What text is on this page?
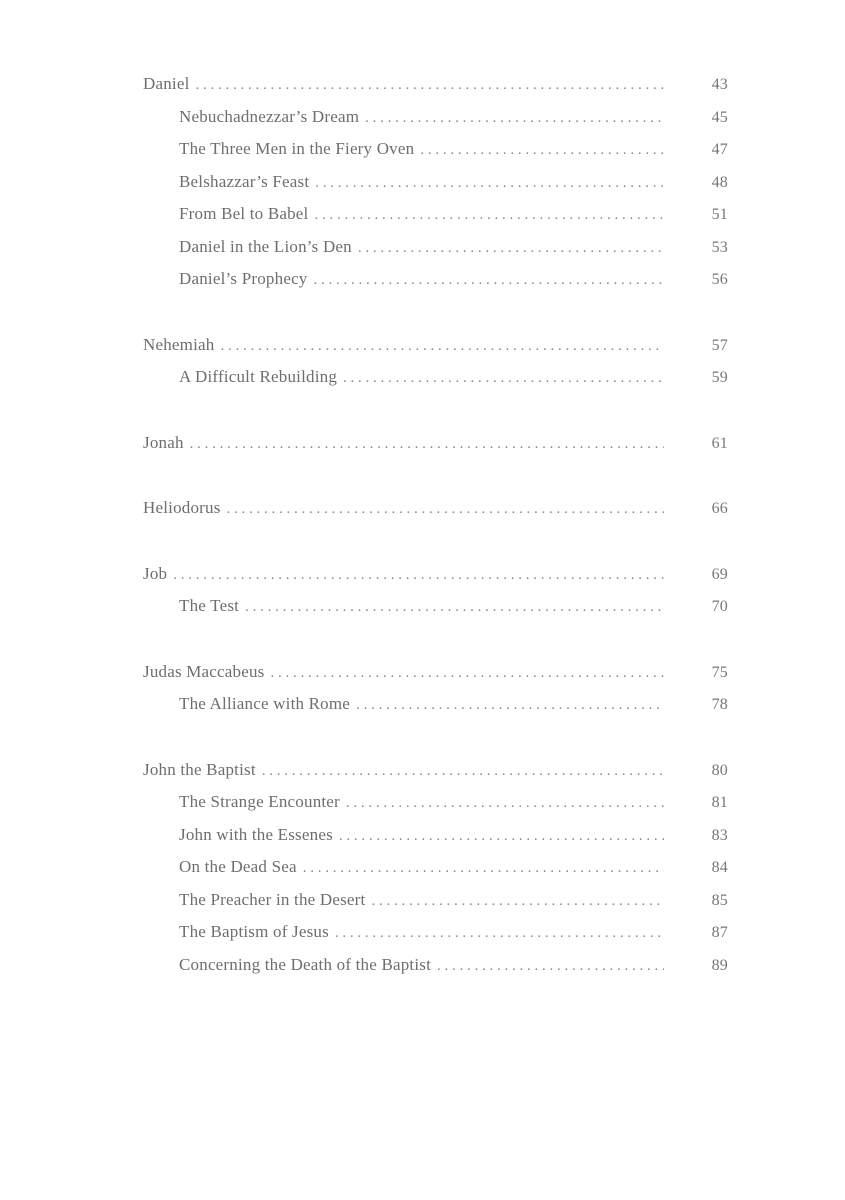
Daniel . . .	43
Nebuchadnezzar’s Dream . . .	45
The Three Men in the Fiery Oven . . .	47
Belshazzar’s Feast . . .	48
From Bel to Babel . . .	51
Daniel in the Lion’s Den . . .	53
Daniel’s Prophecy . . .	56
Nehemiah . . .	57
A Difficult Rebuilding . . .	59
Jonah . . .	61
Heliodorus . . .	66
Job . . .	69
The Test . . .	70
Judas Maccabeus . . .	75
The Alliance with Rome . . .	78
John the Baptist . . .	80
The Strange Encounter . . .	81
John with the Essenes . . .	83
On the Dead Sea . . .	84
The Preacher in the Desert . . .	85
The Baptism of Jesus . . .	87
Concerning the Death of the Baptist . . .	89
